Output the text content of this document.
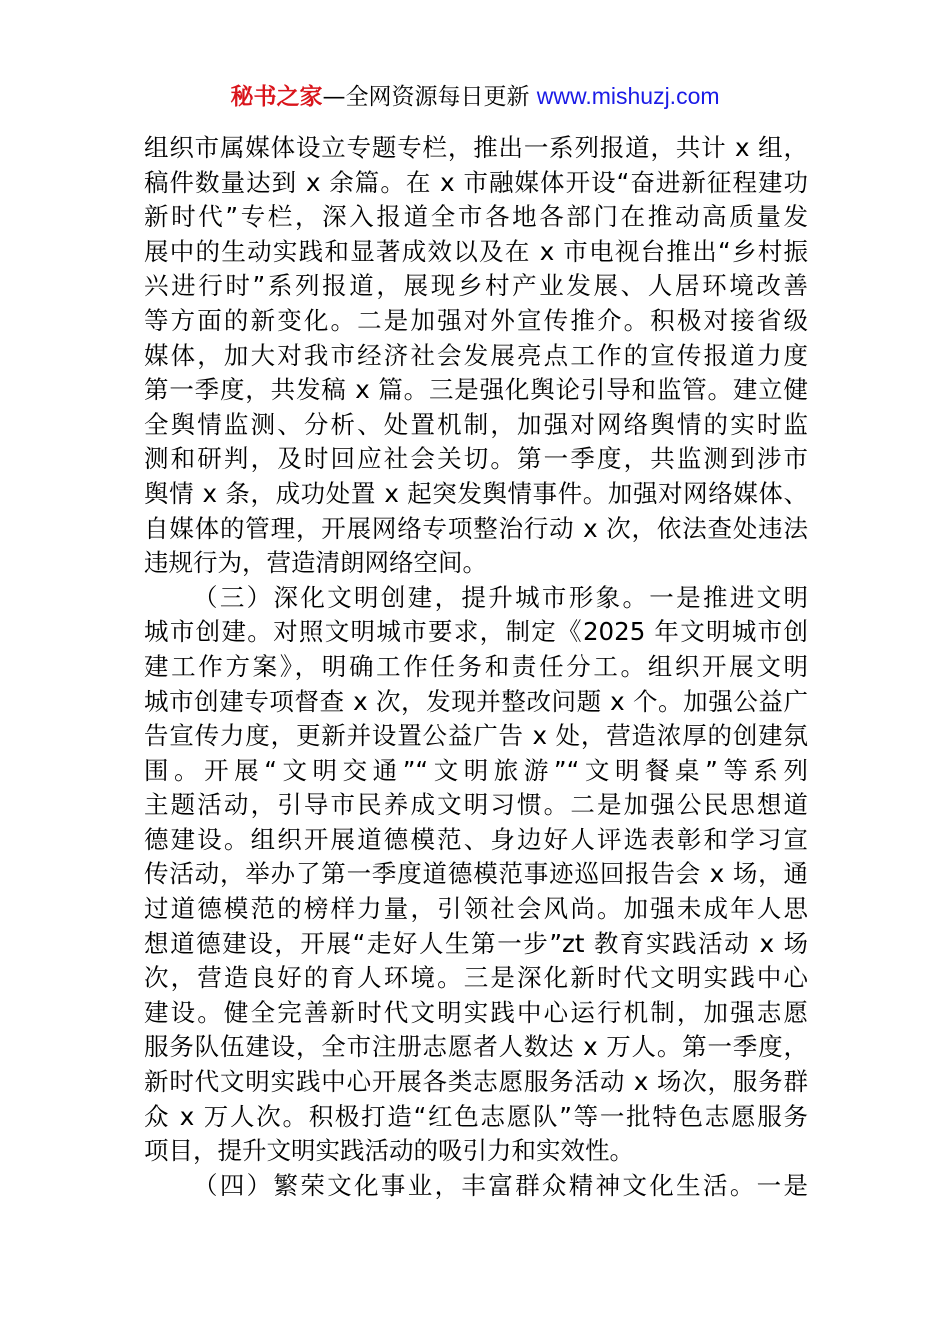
秘书之家—全网资源每日更新 www.mishuzj.com
组织市属媒体设立专题专栏，推出一系列报道，共计 x 组，
稿件数量达到 x 余篇。在 x 市融媒体开设“奋进新征程建功
新时代”专栏，深入报道全市各地各部门在推动高质量发
展中的生动实践和显著成效以及在 x 市电视台推出“乡村振
兴进行时”系列报道，展现乡村产业发展、人居环境改善
等方面的新变化。二是加强对外宣传推介。积极对接省级
媒体，加大对我市经济社会发展亮点工作的宣传报道力度
第一季度，共发稿 x 篇。三是强化舆论引导和监管。建立健
全舆情监测、分析、处置机制，加强对网络舆情的实时监
测和研判，及时回应社会关切。第一季度，共监测到涉市
舆情 x 条，成功处置 x 起突发舆情事件。加强对网络媒体、
自媒体的管理，开展网络专项整治行动 x 次，依法查处违法
违规行为，营造清朗网络空间。
（三）深化文明创建，提升城市形象。一是推进文明
城市创建。对照文明城市要求，制定《2025 年文明城市创
建工作方案》，明确工作任务和责任分工。组织开展文明
城市创建专项督查 x 次，发现并整改问题 x 个。加强公益广
告宣传力度，更新并设置公益广告 x 处，营造浓厚的创建氛
围。开展“文明交通”“文明旅游”“文明餐桌”等系列
主题活动，引导市民养成文明习惯。二是加强公民思想道
德建设。组织开展道德模范、身边好人评选表彰和学习宣
传活动，举办了第一季度道德模范事迹巡回报告会 x 场，通
过道德模范的榜样力量，引领社会风尚。加强未成年人思
想道德建设，开展“走好人生第一步”zt 教育实践活动 x 场
次，营造良好的育人环境。三是深化新时代文明实践中心
建设。健全完善新时代文明实践中心运行机制，加强志愿
服务队伍建设，全市注册志愿者人数达 x 万人。第一季度，
新时代文明实践中心开展各类志愿服务活动 x 场次，服务群
众 x 万人次。积极打造“红色志愿队”等一批特色志愿服务
项目，提升文明实践活动的吸引力和实效性。
（四）繁荣文化事业，丰富群众精神文化生活。一是
